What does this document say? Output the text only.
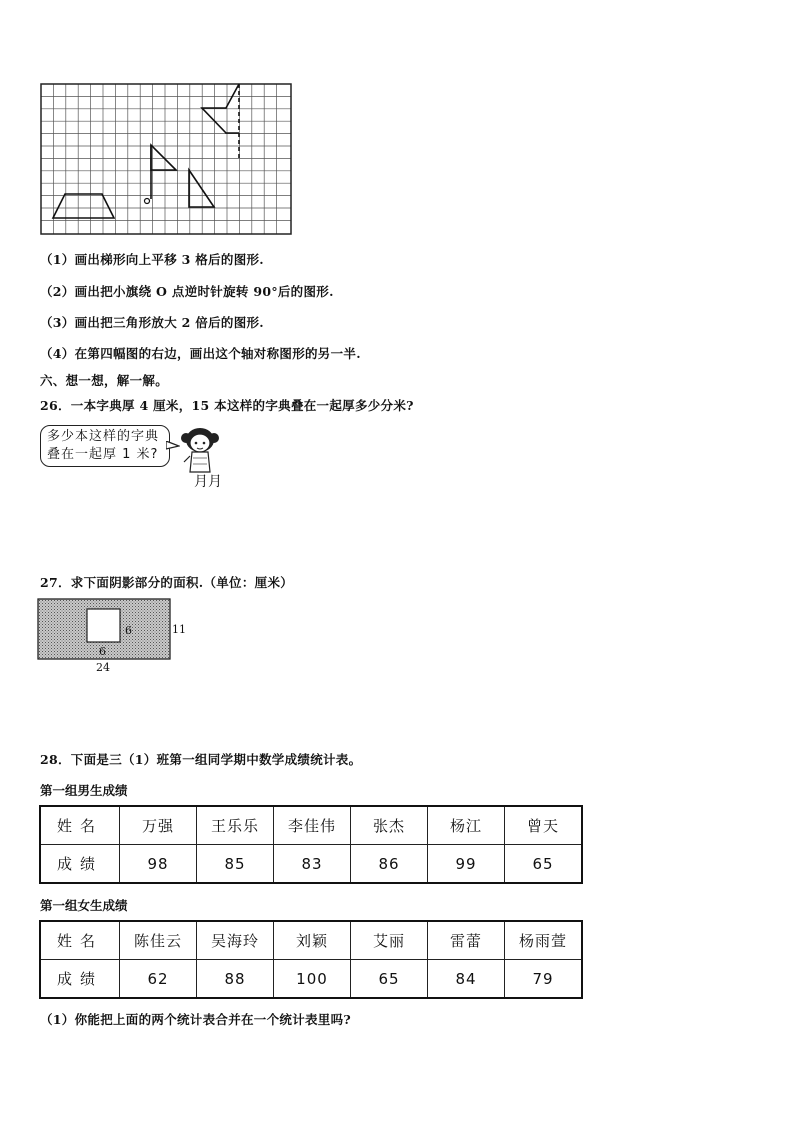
（1）画出梯形向上平移 3 格后的图形.
（2）画出把小旗绕 O 点逆时针旋转 90°后的图形.
（3）画出把三角形放大 2 倍后的图形.
（4）在第四幅图的右边，画出这个轴对称图形的另一半.
六、想一想，解一解。
26．一本字典厚 4 厘米，15 本这样的字典叠在一起厚多少分米?
多少本这样的字典
叠在一起厚 1 米?
月月
27．求下面阴影部分的面积.（单位：厘米）
6
6
11
24
28．下面是三（1）班第一组同学期中数学成绩统计表。
第一组男生成绩
姓名	万强	王乐乐	李佳伟	张杰	杨江	曾天
成绩	98	85	83	86	99	65
第一组女生成绩
姓名	陈佳云	吴海玲	刘颖	艾丽	雷蕾	杨雨萱
成绩	62	88	100	65	84	79
（1）你能把上面的两个统计表合并在一个统计表里吗?
